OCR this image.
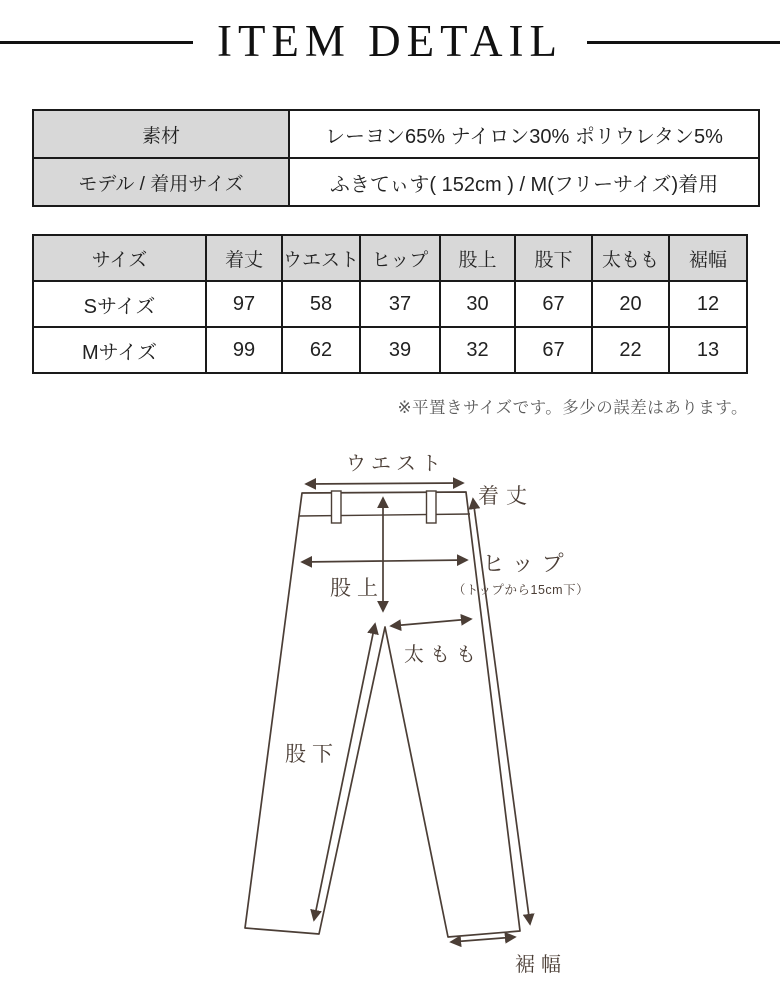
ITEM DETAIL
素材	レーヨン65% ナイロン30% ポリウレタン5%
モデル / 着用サイズ	ふきてぃす( 152cm ) / M(フリーサイズ)着用
サイズ	着丈	ウエスト	ヒップ	股上	股下	太もも	裾幅
Sサイズ	97	58	37	30	67	20	12
Mサイズ	99	62	39	32	67	22	13
※平置きサイズです。多少の誤差はあります。
ウエスト
着丈
ヒップ
（トップから15cm下）
股上
太もも
股下
裾幅
